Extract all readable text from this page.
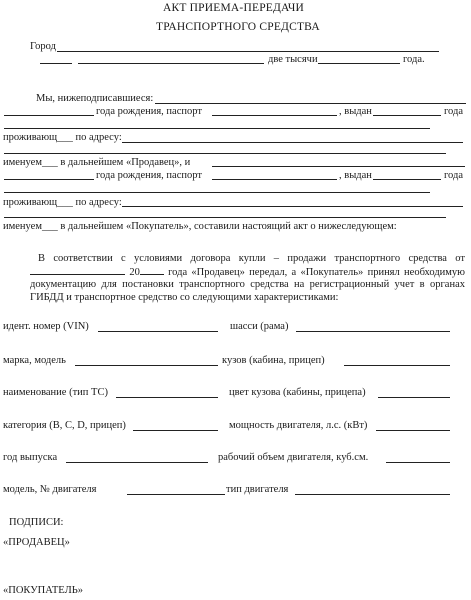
АКТ ПРИЕМА-ПЕРЕДАЧИ
ТРАНСПОРТНОГО СРЕДСТВА
Город
две тысячи	года.
Мы, нижеподписавшиеся:
года рождения, паспорт	, выдан	года
проживающ___ по адресу:
именуем___ в дальнейшем «Продавец», и
года рождения, паспорт	, выдан	года
проживающ___ по адресу:
именуем___ в дальнейшем «Покупатель», составили настоящий акт о нижеследующем:
В соответствии с условиями договора купли – продажи транспортного средства от  20	года «Продавец» передал, а «Покупатель» принял необходимую документацию для постановки транспортного средства на регистрационный учет в органах ГИБДД и транспортное средство со следующими характеристиками:
идент. номер (VIN)	шасси (рама)
марка, модель	кузов (кабина, прицеп)
наименование (тип ТС)	цвет кузова (кабины, прицепа)
категория (В, С, D, прицеп)	мощность двигателя, л.с. (кВт)
год выпуска	рабочий объем двигателя, куб.см.
модель, № двигателя	тип двигателя
ПОДПИСИ:
«ПРОДАВЕЦ»
«ПОКУПАТЕЛЬ»
